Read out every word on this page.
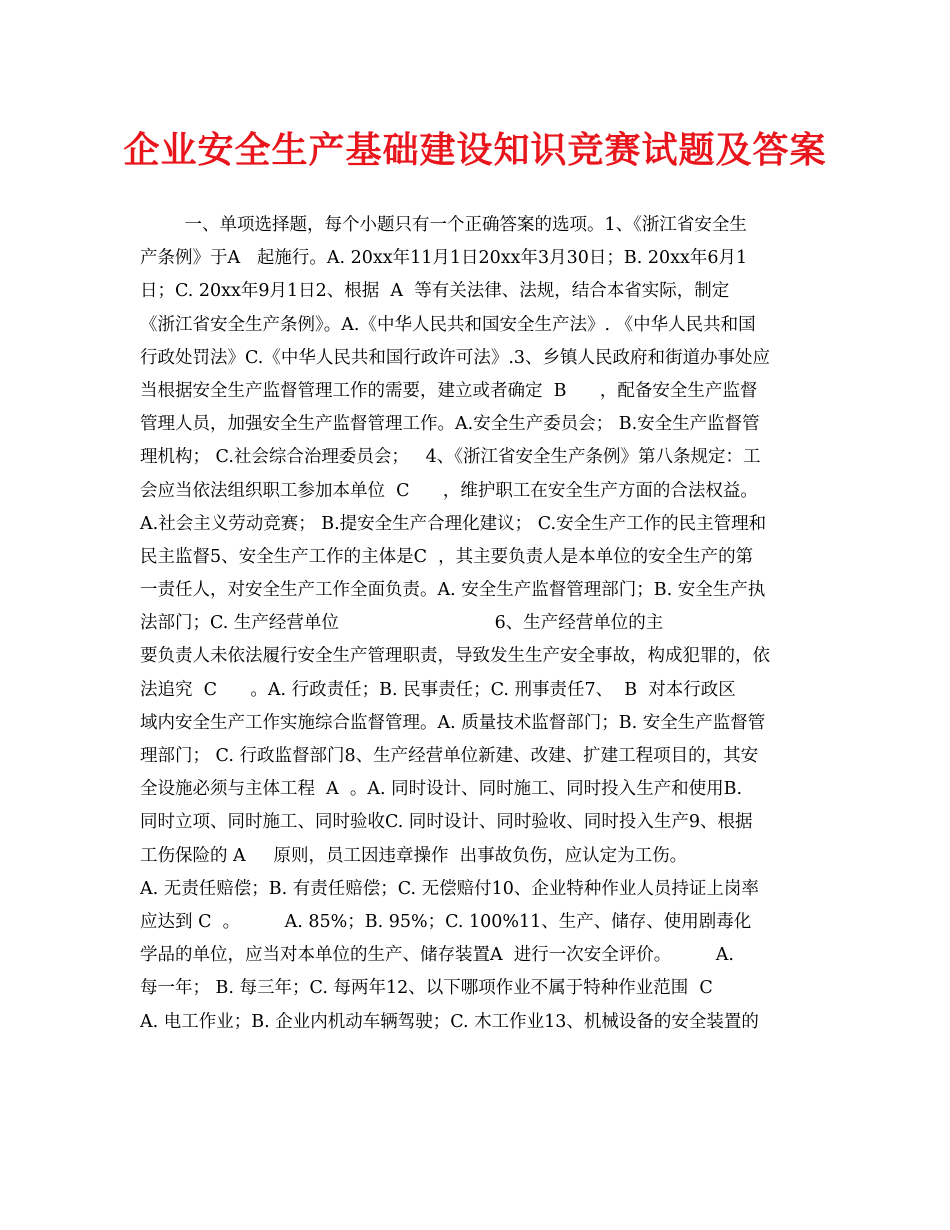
企业安全生产基础建设知识竞赛试题及答案
一、单项选择题，每个小题只有一个正确答案的选项。1、《浙江省安全生
产条例》于A   起施行。A. 20xx年11月1日20xx年3月30日；B. 20xx年6月1
日；C. 20xx年9月1日2、根据  A  等有关法律、法规，结合本省实际，制定
《浙江省安全生产条例》。A.《中华人民共和国安全生产法》. 《中华人民共和国
行政处罚法》C.《中华人民共和国行政许可法》.3、乡镇人民政府和街道办事处应
当根据安全生产监督管理工作的需要，建立或者确定  B      ，配备安全生产监督
管理人员，加强安全生产监督管理工作。A.安全生产委员会； B.安全生产监督管
理机构； C.社会综合治理委员会；   4、《浙江省安全生产条例》第八条规定：工
会应当依法组织职工参加本单位  C      ，维护职工在安全生产方面的合法权益。
A.社会主义劳动竞赛； B.提安全生产合理化建议； C.安全生产工作的民主管理和
民主监督5、安全生产工作的主体是C  ，其主要负责人是本单位的安全生产的第
一责任人，对安全生产工作全面负责。A. 安全生产监督管理部门；B. 安全生产执
法部门；C. 生产经营单位                            6、生产经营单位的主
要负责人未依法履行安全生产管理职责，导致发生生产安全事故，构成犯罪的，依
法追究  C      。A. 行政责任；B. 民事责任；C. 刑事责任7、  B  对本行政区
域内安全生产工作实施综合监督管理。A. 质量技术监督部门；B. 安全生产监督管
理部门； C. 行政监督部门8、生产经营单位新建、改建、扩建工程项目的，其安
全设施必须与主体工程  A  。A. 同时设计、同时施工、同时投入生产和使用B.
同时立项、同时施工、同时验收C. 同时设计、同时验收、同时投入生产9、根据
工伤保险的 A     原则，员工因违章操作  出事故负伤，应认定为工伤。
A. 无责任赔偿；B. 有责任赔偿；C. 无偿赔付10、企业特种作业人员持证上岗率
应达到 C  。        A. 85%；B. 95%；C. 100%11、生产、储存、使用剧毒化
学品的单位，应当对本单位的生产、储存装置A  进行一次安全评价。        A.
每一年； B. 每三年；C. 每两年12、以下哪项作业不属于特种作业范围  C
A. 电工作业；B. 企业内机动车辆驾驶；C. 木工作业13、机械设备的安全装置的
